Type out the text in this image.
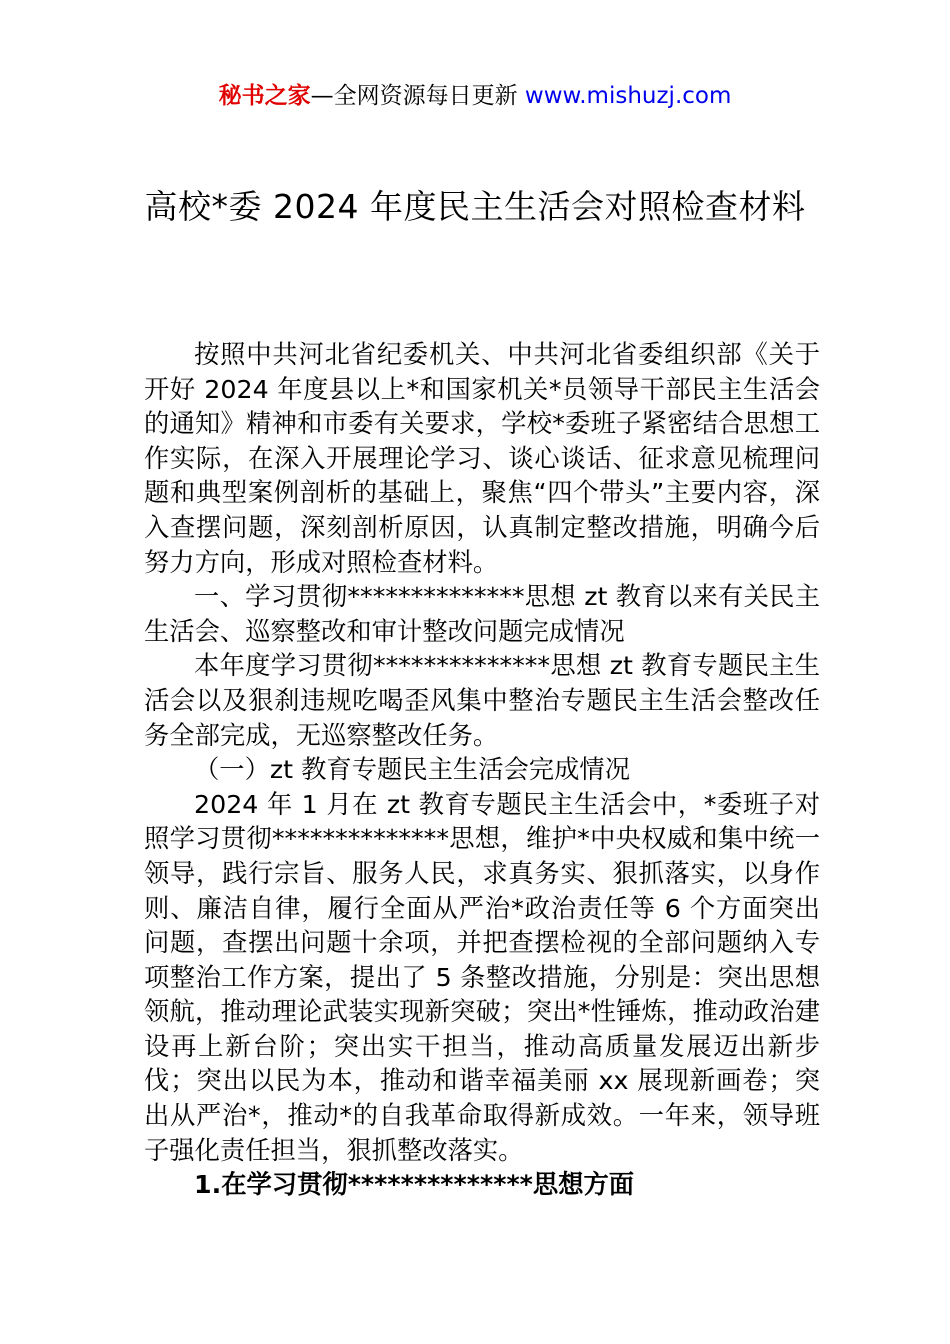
秘书之家—全网资源每日更新 www.mishuzj.com
高校*委 2024 年度民主生活会对照检查材料

按照中共河北省纪委机关、中共河北省委组织部《关于开好 2024 年度县以上*和国家机关*员领导干部民主生活会的通知》精神和市委有关要求，学校*委班子紧密结合思想工作实际，在深入开展理论学习、谈心谈话、征求意见梳理问题和典型案例剖析的基础上，聚焦“四个带头”主要内容，深入查摆问题，深刻剖析原因，认真制定整改措施，明确今后努力方向，形成对照检查材料。

一、学习贯彻**************思想 zt 教育以来有关民主生活会、巡察整改和审计整改问题完成情况

本年度学习贯彻**************思想 zt 教育专题民主生活会以及狠刹违规吃喝歪风集中整治专题民主生活会整改任务全部完成，无巡察整改任务。

（一）zt 教育专题民主生活会完成情况

2024 年 1 月在 zt 教育专题民主生活会中，*委班子对照学习贯彻**************思想，维护*中央权威和集中统一领导，践行宗旨、服务人民，求真务实、狠抓落实，以身作则、廉洁自律，履行全面从严治*政治责任等 6 个方面突出问题，查摆出问题十余项，并把查摆检视的全部问题纳入专项整治工作方案，提出了 5 条整改措施，分别是：突出思想领航，推动理论武装实现新突破；突出*性锤炼，推动政治建设再上新台阶；突出实干担当，推动高质量发展迈出新步伐；突出以民为本，推动和谐幸福美丽 xx 展现新画卷；突出从严治*，推动*的自我革命取得新成效。一年来，领导班子强化责任担当，狠抓整改落实。

1.在学习贯彻**************思想方面
